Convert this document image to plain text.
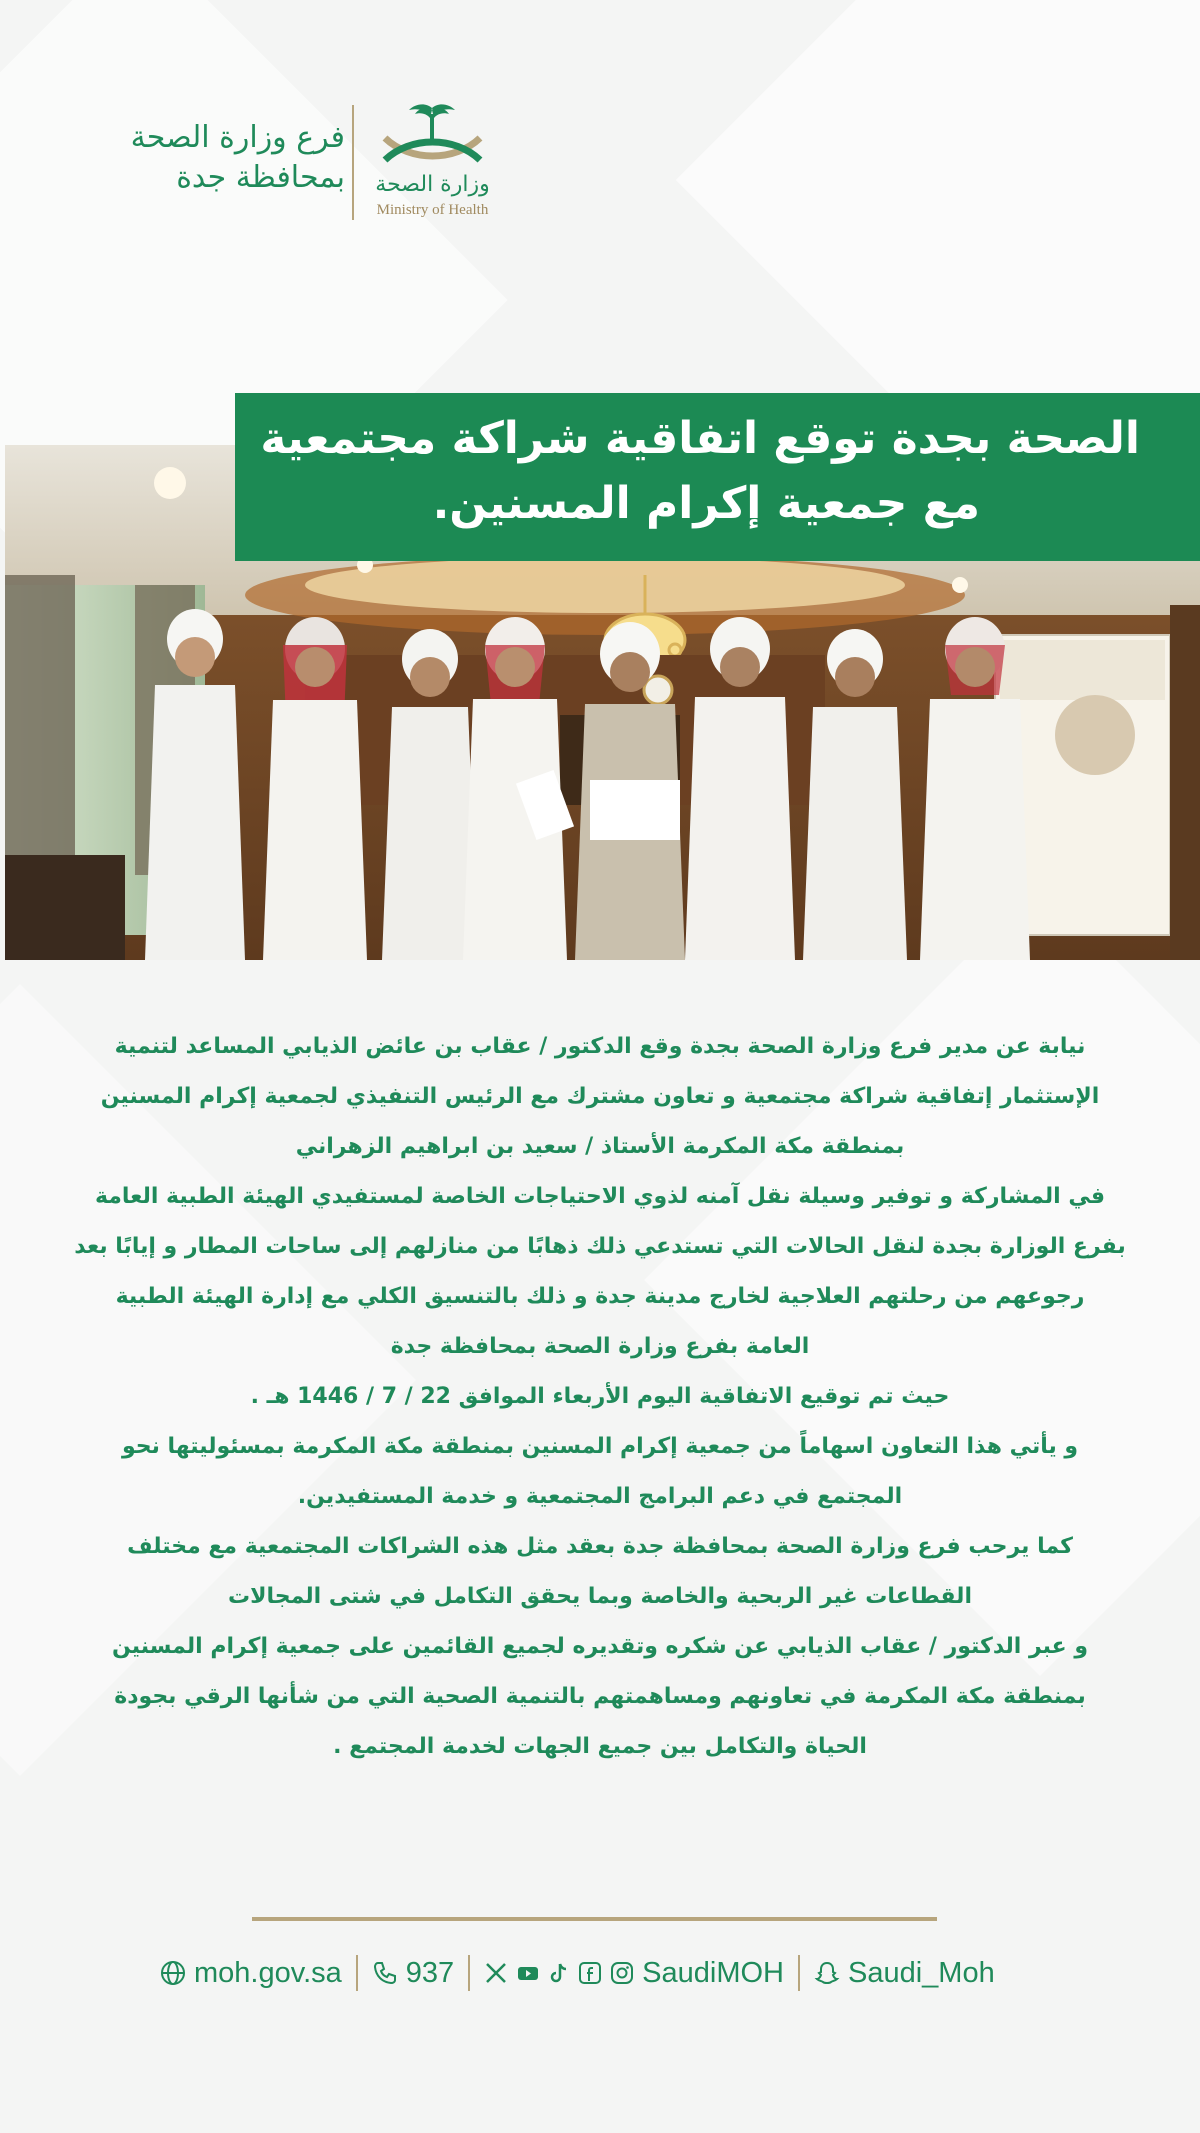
فرع وزارة الصحة
بمحافظة جدة	وزارة الصحة
Ministry of Health
الصحة بجدة توقع اتفاقية شراكة مجتمعية
مع جمعية إكرام المسنين.
نيابة عن مدير فرع وزارة الصحة بجدة وقع الدكتور / عقاب بن عائض الذيابي المساعد لتنمية
الإستثمار إتفاقية شراكة مجتمعية و تعاون مشترك مع الرئيس التنفيذي لجمعية إكرام المسنين
بمنطقة مكة المكرمة الأستاذ / سعيد بن ابراهيم الزهراني
في المشاركة و توفير وسيلة نقل آمنه لذوي الاحتياجات الخاصة لمستفيدي الهيئة الطبية العامة
بفرع الوزارة بجدة لنقل الحالات التي تستدعي ذلك ذهابًا من منازلهم إلى ساحات المطار و إيابًا بعد
رجوعهم من رحلتهم العلاجية لخارج مدينة جدة و ذلك بالتنسيق الكلي مع إدارة الهيئة الطبية
العامة بفرع وزارة الصحة بمحافظة جدة
حيث تم توقيع الاتفاقية اليوم الأربعاء الموافق 22 / 7 / 1446 هـ .
و يأتي هذا التعاون اسهاماً من جمعية إكرام المسنين بمنطقة مكة المكرمة بمسئوليتها نحو
المجتمع في دعم البرامج المجتمعية و خدمة المستفيدين.
كما يرحب فرع وزارة الصحة بمحافظة جدة بعقد مثل هذه الشراكات المجتمعية مع مختلف
القطاعات غير الربحية والخاصة وبما يحقق التكامل في شتى المجالات
و عبر الدكتور / عقاب الذيابي عن شكره وتقديره لجميع القائمين على جمعية إكرام المسنين
بمنطقة مكة المكرمة في تعاونهم ومساهمتهم بالتنمية الصحية التي من شأنها الرقي بجودة
الحياة والتكامل بين جميع الجهات لخدمة المجتمع .
moh.gov.sa 937	SaudiMOH Saudi_Moh
